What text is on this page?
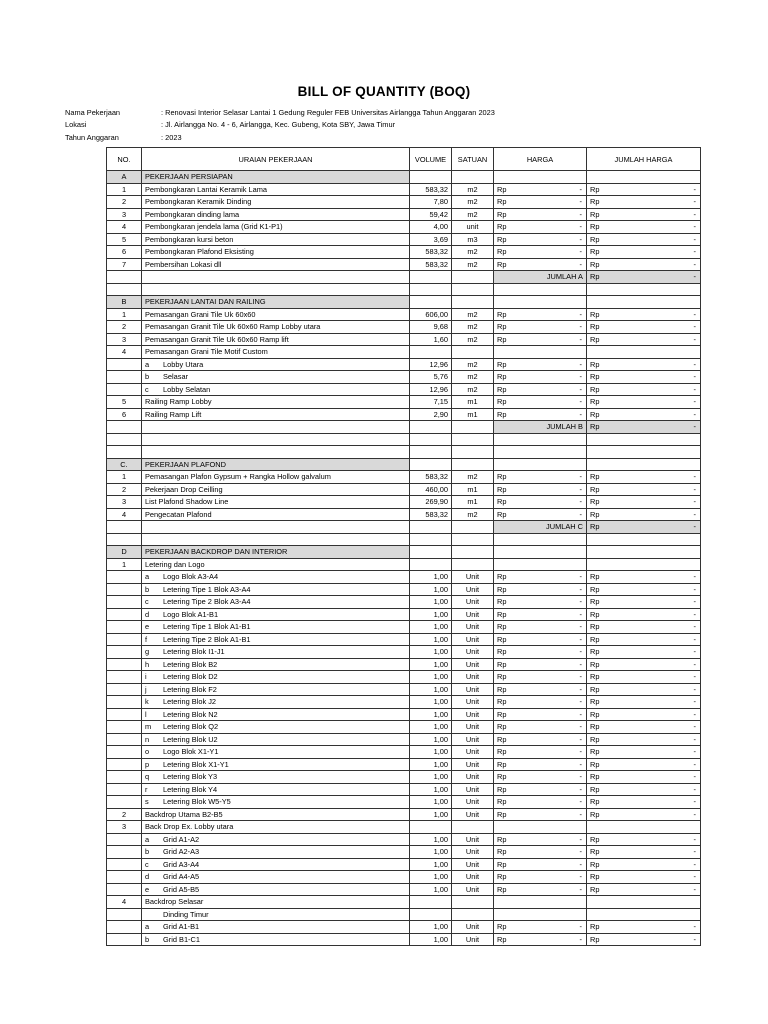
BILL OF QUANTITY (BOQ)
Nama Pekerjaan	: Renovasi Interior Selasar Lantai 1 Gedung Reguler FEB Universitas Airlangga Tahun Anggaran 2023
Lokasi	: Jl. Airlangga No. 4 - 6, Airlangga, Kec. Gubeng, Kota SBY, Jawa Timur
Tahun Anggaran	: 2023
NO.	URAIAN PEKERJAAN	VOLUME	SATUAN	HARGA	JUMLAH HARGA
A	PEKERJAAN PERSIAPAN				
1	Pembongkaran Lantai Keramik Lama	583,32	m2	Rp -	Rp -

2	Pembongkaran Keramik Dinding	7,80	m2	Rp -	Rp -

3	Pembongkaran dinding lama	59,42	m2	Rp -	Rp -

4	Pembongkaran jendela lama (Grid K1-P1)	4,00	unit	Rp -	Rp -

5	Pembongkaran kursi beton	3,69	m3	Rp -	Rp -

6	Pembongkaran Plafond Eksisting	583,32	m2	Rp -	Rp -

7	Pembersihan Lokasi dll	583,32	m2	Rp -	Rp -

				JUMLAH A	Rp -

B	PEKERJAAN LANTAI DAN RAILING				
1	Pemasangan Grani Tile Uk 60x60	606,00	m2	Rp -	Rp -

2	Pemasangan Granit Tile Uk 60x60 Ramp Lobby utara	9,68	m2	Rp -	Rp -

3	Pemasangan Granit Tile Uk 60x60 Ramp lift	1,60	m2	Rp -	Rp -

4	Pemasangan Grani Tile Motif Custom				
	a Lobby Utara	12,96	m2	Rp -	Rp -

	b Selasar	5,76	m2	Rp -	Rp -

	c Lobby Selatan	12,96	m2	Rp -	Rp -

5	Railing Ramp Lobby	7,15	m1	Rp -	Rp -

6	Railing Ramp Lift	2,90	m1	Rp -	Rp -

				JUMLAH B	Rp -

C.	PEKERJAAN PLAFOND				
1	Pemasangan Plafon Gypsum + Rangka Hollow galvalum	583,32	m2	Rp -	Rp -

2	Pekerjaan Drop Ceilling	460,00	m1	Rp -	Rp -

3	List Plafond Shadow Line	269,90	m1	Rp -	Rp -

4	Pengecatan Plafond	583,32	m2	Rp -	Rp -

				JUMLAH C	Rp -

D	PEKERJAAN BACKDROP DAN INTERIOR				
1	Letering dan Logo				
	a Logo Blok A3-A4	1,00	Unit	Rp -	Rp -

	b Letering Tipe 1 Blok A3-A4	1,00	Unit	Rp -	Rp -

	c Letering Tipe 2 Blok A3-A4	1,00	Unit	Rp -	Rp -

	d Logo Blok A1-B1	1,00	Unit	Rp -	Rp -

	e Letering Tipe 1 Blok A1-B1	1,00	Unit	Rp -	Rp -

	f Letering Tipe 2 Blok A1-B1	1,00	Unit	Rp -	Rp -

	g Letering Blok I1-J1	1,00	Unit	Rp -	Rp -

	h Letering Blok B2	1,00	Unit	Rp -	Rp -

	i Letering Blok D2	1,00	Unit	Rp -	Rp -

	j Letering Blok F2	1,00	Unit	Rp -	Rp -

	k Letering Blok J2	1,00	Unit	Rp -	Rp -

	l Letering Blok N2	1,00	Unit	Rp -	Rp -

	m Letering Blok Q2	1,00	Unit	Rp -	Rp -

	n Letering Blok U2	1,00	Unit	Rp -	Rp -

	o Logo Blok X1-Y1	1,00	Unit	Rp -	Rp -

	p Letering Blok X1-Y1	1,00	Unit	Rp -	Rp -

	q Letering Blok Y3	1,00	Unit	Rp -	Rp -

	r Letering Blok Y4	1,00	Unit	Rp -	Rp -

	s Letering Blok W5-Y5	1,00	Unit	Rp -	Rp -

2	Backdrop Utama B2-B5	1,00	Unit	Rp -	Rp -

3	Back Drop Ex. Lobby utara				
	a Grid A1-A2	1,00	Unit	Rp -	Rp -

	b Grid A2-A3	1,00	Unit	Rp -	Rp -

	c Grid A3-A4	1,00	Unit	Rp -	Rp -

	d Grid A4-A5	1,00	Unit	Rp -	Rp -

	e Grid A5-B5	1,00	Unit	Rp -	Rp -

4	Backdrop Selasar				
	Dinding Timur				
	a Grid A1-B1	1,00	Unit	Rp -	Rp -

	b Grid B1-C1	1,00	Unit	Rp -	Rp -
